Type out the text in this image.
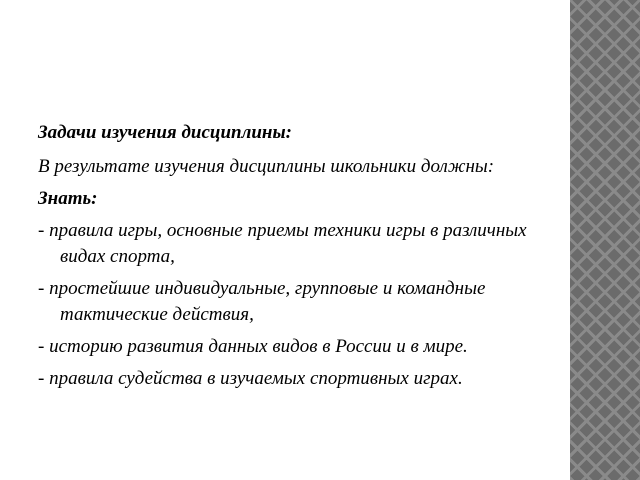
Задачи изучения дисциплины:
В результате изучения дисциплины школьники должны:
Знать:
- правила игры, основные приемы техники игры в различных видах спорта,
- простейшие индивидуальные, групповые и командные тактические действия,
- историю развития данных видов в России и в мире.
- правила судейства в изучаемых спортивных играх.
